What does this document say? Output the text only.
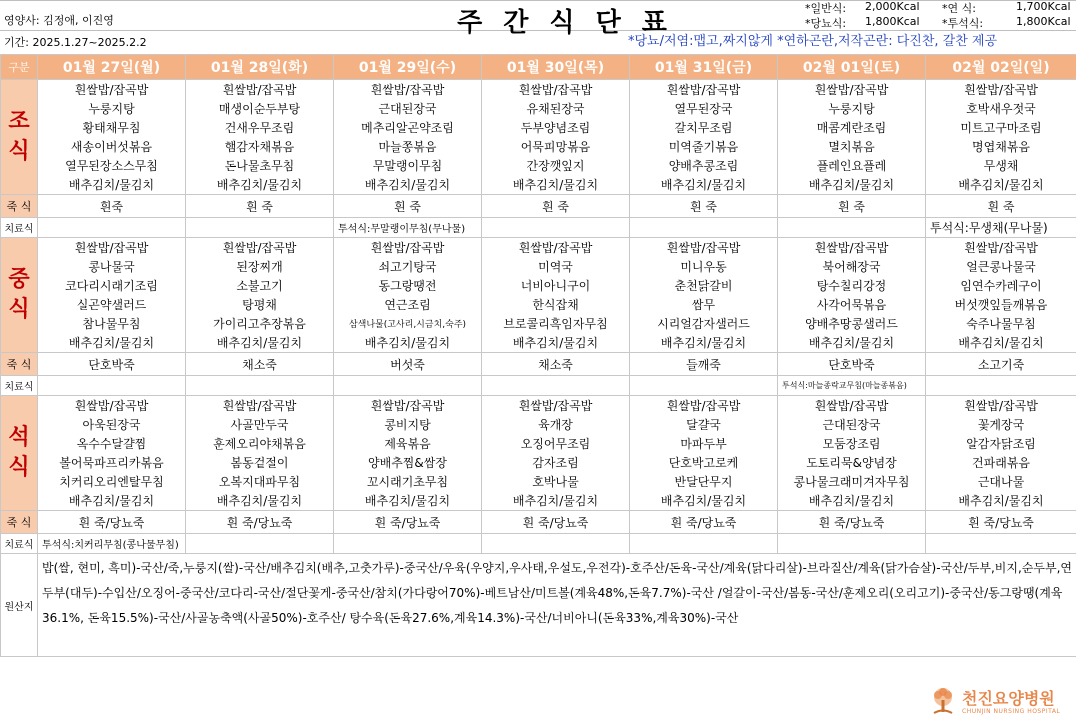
영양사: 김정애, 이진영
기간: 2025.1.27~2025.2.2
주 간 식 단 표	*일반식: 2,000Kcal	*연 식:	1,700Kcal
*당뇨식: 1,800Kcal	*투석식:	1,800Kcal
*당뇨/저염:맵고,짜지않게 *연하곤란,저작곤란: 다진찬, 갈찬 제공
구분	01월 27일(월)	01월 28일(화)	01월 29일(수)	01월 30일(목)	01월 31일(금)	02월 01일(토)	02월 02일(일)
조
식	흰쌀밥/잡곡밥	흰쌀밥/잡곡밥	흰쌀밥/잡곡밥	흰쌀밥/잡곡밥	흰쌀밥/잡곡밥	흰쌀밥/잡곡밥	흰쌀밥/잡곡밥
	누룽지탕	매생이순두부탕	근대된장국	유채된장국	열무된장국	누룽지탕	호박새우젓국
	황태채무침	건새우무조림	메추리알곤약조림	두부양념조림	갈치무조림	매콤계란조림	미트고구마조림
	새송이버섯볶음	햄감자채볶음	마늘쫑볶음	어묵피망볶음	미역줄기볶음	멸치볶음	명엽채볶음
	열무된장소스무침	돈나물초무침	무말랭이무침	간장깻잎지	양배추콩조림	플레인요플레	무생채
	배추김치/물김치	배추김치/물김치	배추김치/물김치	배추김치/물김치	배추김치/물김치	배추김치/물김치	배추김치/물김치
죽 식	흰죽	흰 죽	흰 죽	흰 죽	흰 죽	흰 죽	흰 죽
치료식			투석식:무말랭이무침(무나물)				투석식:무생채(무나물)
중
식	흰쌀밥/잡곡밥	흰쌀밥/잡곡밥	흰쌀밥/잡곡밥	흰쌀밥/잡곡밥	흰쌀밥/잡곡밥	흰쌀밥/잡곡밥	흰쌀밥/잡곡밥
	콩나물국	된장찌개	쇠고기탕국	미역국	미니우동	북어해장국	얼큰콩나물국
	코다리시래기조림	소불고기	동그랑땡전	너비아니구이	춘천닭갈비	탕수칠리강정	임연수카레구이
	실곤약샐러드	탕평채	연근조림	한식잡채	쌈무	사각어묵볶음	버섯깻잎들깨볶음
	참나물무침	가이리고추장볶음	삼색나물(고사리,시금치,숙주)	브로콜리흑임자무침	시리얼감자샐러드	양배추땅콩샐러드	숙주나물무침
	배추김치/물김치	배추김치/물김치	배추김치/물김치	배추김치/물김치	배추김치/물김치	배추김치/물김치	배추김치/물김치
죽 식	단호박죽	채소죽	버섯죽	채소죽	들깨죽	단호박죽	소고기죽
치료식						투석식:마늘종락교무침(마늘종볶음)	
석
식	흰쌀밥/잡곡밥	흰쌀밥/잡곡밥	흰쌀밥/잡곡밥	흰쌀밥/잡곡밥	흰쌀밥/잡곡밥	흰쌀밥/잡곡밥	흰쌀밥/잡곡밥
	아욱된장국	사골만두국	콩비지탕	육개장	달걀국	근대된장국	꽃게장국
	옥수수달걀찜	훈제오리야채볶음	제육볶음	오징어무조림	마파두부	모둠장조림	알감자닭조림
	볼어묵파프리카볶음	봄동겉절이	양배추찜&쌈장	감자조림	단호박고로케	도토리묵&양념장	건파래볶음
	치커리오리엔탈무침	오복지대파무침	꼬시래기초무침	호박나물	반달단무지	콩나물크래미겨자무침	근대나물
	배추김치/물김치	배추김치/물김치	배추김치/물김치	배추김치/물김치	배추김치/물김치	배추김치/물김치	배추김치/물김치
죽 식	흰 죽/당뇨죽	흰 죽/당뇨죽	흰 죽/당뇨죽	흰 죽/당뇨죽	흰 죽/당뇨죽	흰 죽/당뇨죽	흰 죽/당뇨죽
치료식	투석식:치커리무침(콩나물무침)						
원산지	밥(쌀, 현미, 흑미)-국산/죽,누룽지(쌀)-국산/배추김치(배추,고춧가루)-중국산/우육(우양지,우사태,우설도,우전각)-호주산/돈육-국산/계육(닭다리살)-브라질산/계육(닭가슴살)-국산/두부,비지,순두부,연두부(대두)-수입산/오징어-중국산/코다리-국산/절단꽃게-중국산/참치(가다랑어70%)-베트남산/미트볼(계육48%,돈육7.7%)-국산 /얼갈이-국산/봄동-국산/훈제오리(오리고기)-중국산/동그랑땡(계육36.1%, 돈육15.5%)-국산/사골농축액(사골50%)-호주산/ 탕수육(돈육27.6%,계육14.3%)-국산/너비아니(돈육33%,계육30%)-국산						
천진요양병원
CHUNJIN NURSING HOSPITAL
